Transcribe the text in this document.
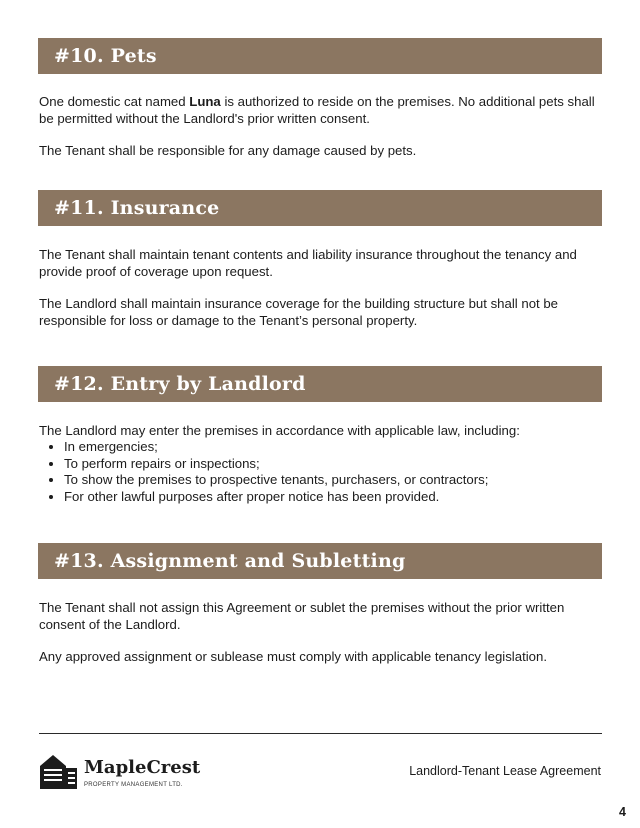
#10. Pets

One domestic cat named Luna is authorized to reside on the premises. No additional pets shall be permitted without the Landlord's prior written consent.

The Tenant shall be responsible for any damage caused by pets.

#11. Insurance

The Tenant shall maintain tenant contents and liability insurance throughout the tenancy and provide proof of coverage upon request.

The Landlord shall maintain insurance coverage for the building structure but shall not be responsible for loss or damage to the Tenant’s personal property.

#12. Entry by Landlord

The Landlord may enter the premises in accordance with applicable law, including:

• In emergencies;
• To perform repairs or inspections;
• To show the premises to prospective tenants, purchasers, or contractors;
• For other lawful purposes after proper notice has been provided.
#13. Assignment and Subletting

The Tenant shall not assign this Agreement or sublet the premises without the prior written consent of the Landlord.

Any approved assignment or sublease must comply with applicable tenancy legislation.

MapleCrest
PROPERTY MANAGEMENT LTD.
Landlord-Tenant Lease Agreement
4
